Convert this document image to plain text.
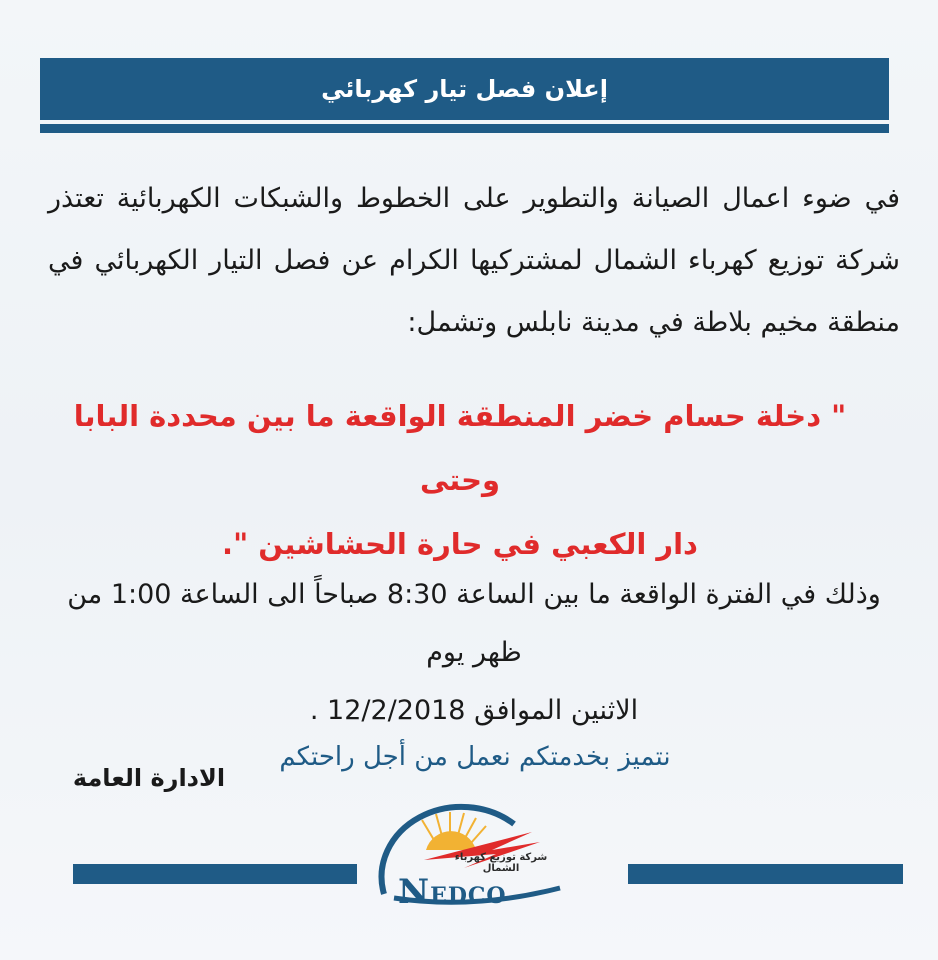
إعلان فصل تيار كهربائي

في ضوء اعمال الصيانة والتطوير على الخطوط والشبكات الكهربائية تعتذر شركة توزيع كهرباء الشمال لمشتركيها الكرام عن فصل التيار الكهربائي في منطقة مخيم بلاطة في مدينة نابلس وتشمل:

" دخلة حسام خضر المنطقة الواقعة ما بين محددة البابا وحتى
دار الكعبي في حارة الحشاشين ".
وذلك في الفترة الواقعة ما بين الساعة 8:30 صباحاً الى الساعة 1:00 من ظهر يوم
الاثنين الموافق 12/2/2018 .

نتميز بخدمتكم نعمل من أجل راحتكم

الادارة العامة

شركة توزيع كهرباء الشمال
NEDCO
